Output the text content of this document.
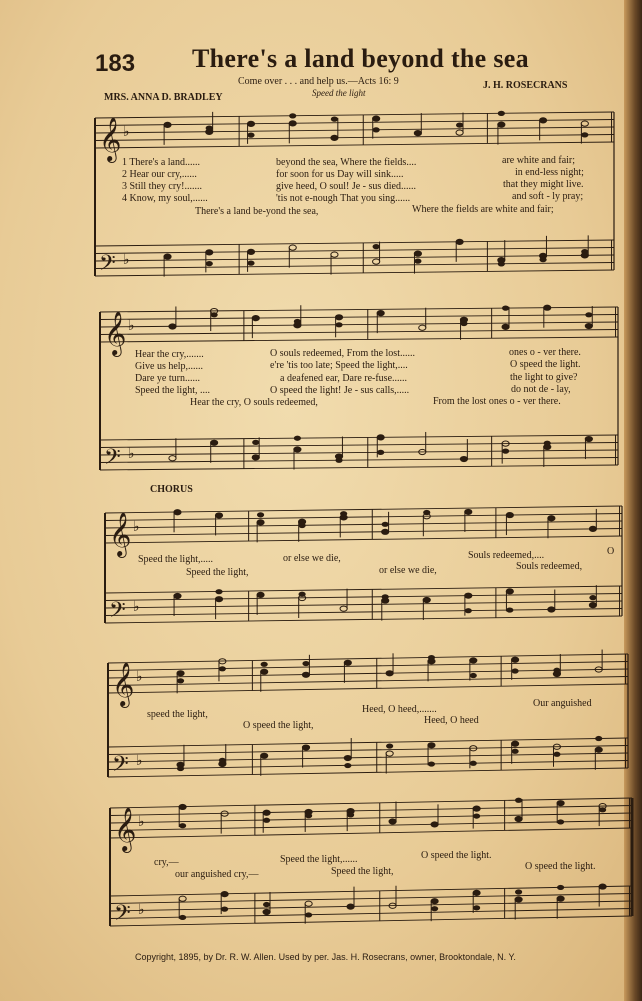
𝄞 ♭
𝄢 ♭
𝄞 ♭
𝄢 ♭
𝄞 ♭
𝄢 ♭
𝄞 ♭
𝄢 ♭
𝄞 ♭
𝄢 ♭
183 There's a land beyond the sea
Come over . . . and help us.—Acts 16: 9
MRS. ANNA D. BRADLEY	Speed the light
J. H. ROSECRANS
1 There's a land......	beyond the sea, Where the fields....	are white and fair;
2 Hear our cry,......	for soon for us Day will sink.....	in end-less night;
3 Still they cry!.......	give heed, O soul! Je - sus died......	that they might live.
4 Know, my soul,......	'tis not e-nough That you sing......	and soft - ly pray;
There's a land be-yond the sea,	Where the fields are white and fair;
Hear the cry,.......	O souls redeemed, From the lost......	ones o - ver there.
Give us help,......	e're 'tis too late; Speed the light,....	O speed the light.
Dare ye turn......	a deafened ear, Dare re-fuse......	the light to give?
Speed the light, ....	O speed the light! Je - sus calls,.....	do not de - lay,
Hear the cry, O souls redeemed,	From the lost ones o - ver there.
CHORUS
Speed the light,.....	or else we die,	Souls redeemed,....	O
Speed the light,	or else we die,	Souls redeemed,
speed the light,	Heed, O heed,.......
Our anguished
O speed the light,	Heed, O heed
cry,—	Speed the light,......	O speed the light.
our anguished cry,—	Speed the light,	O speed the light.
Copyright, 1895, by Dr. R. W. Allen. Used by per. Jas. H. Rosecrans, owner, Brooktondale, N. Y.
